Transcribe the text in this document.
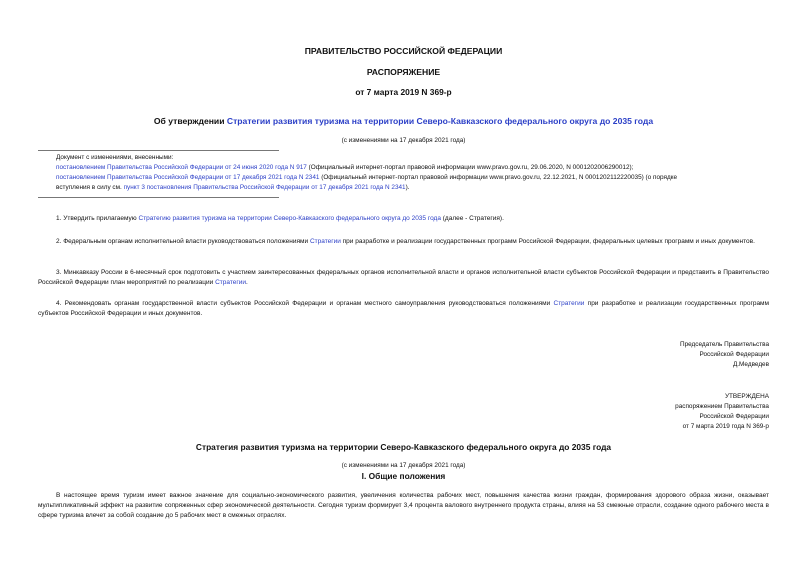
ПРАВИТЕЛЬСТВО РОССИЙСКОЙ ФЕДЕРАЦИИ
РАСПОРЯЖЕНИЕ
от 7 марта 2019 N 369-р
Об утверждении Стратегии развития туризма на территории Северо-Кавказского федерального округа до 2035 года
(с изменениями на 17 декабря 2021 года)
Документ с изменениями, внесенными:
постановлением Правительства Российской Федерации от 24 июня 2020 года N 917 (Официальный интернет-портал правовой информации www.pravo.gov.ru, 29.06.2020, N 0001202006290012);
постановлением Правительства Российской Федерации от 17 декабря 2021 года N 2341 (Официальный интернет-портал правовой информации www.pravo.gov.ru, 22.12.2021, N 0001202112220035) (о порядке
вступления в силу см. пункт 3 постановления Правительства Российской Федерации от 17 декабря 2021 года N 2341).
1. Утвердить прилагаемую Стратегию развития туризма на территории Северо-Кавказского федерального округа до 2035 года (далее - Стратегия).
2. Федеральным органам исполнительной власти руководствоваться положениями Стратегии при разработке и реализации государственных программ Российской Федерации, федеральных целевых программ и иных документов.
3. Минкавказу России в 6-месячный срок подготовить с участием заинтересованных федеральных органов исполнительной власти и органов исполнительной власти субъектов Российской Федерации и представить в Правительство Российской Федерации план мероприятий по реализации Стратегии.
4. Рекомендовать органам государственной власти субъектов Российской Федерации и органам местного самоуправления руководствоваться положениями Стратегии при разработке и реализации государственных программ субъектов Российской Федерации и иных документов.
Председатель Правительства
Российской Федерации
Д.Медведев
УТВЕРЖДЕНА
распоряжением Правительства
Российской Федерации
от 7 марта 2019 года N 369-р
Стратегия развития туризма на территории Северо-Кавказского федерального округа до 2035 года
(с изменениями на 17 декабря 2021 года)
I. Общие положения
В настоящее время туризм имеет важное значение для социально-экономического развития, увеличения количества рабочих мест, повышения качества жизни граждан, формирования здорового образа жизни, оказывает мультипликативный эффект на развитие сопряженных сфер экономической деятельности. Сегодня туризм формирует 3,4 процента валового внутреннего продукта страны, влияя на 53 смежные отрасли, создание одного рабочего места в сфере туризма влечет за собой создание до 5 рабочих мест в смежных отраслях.
